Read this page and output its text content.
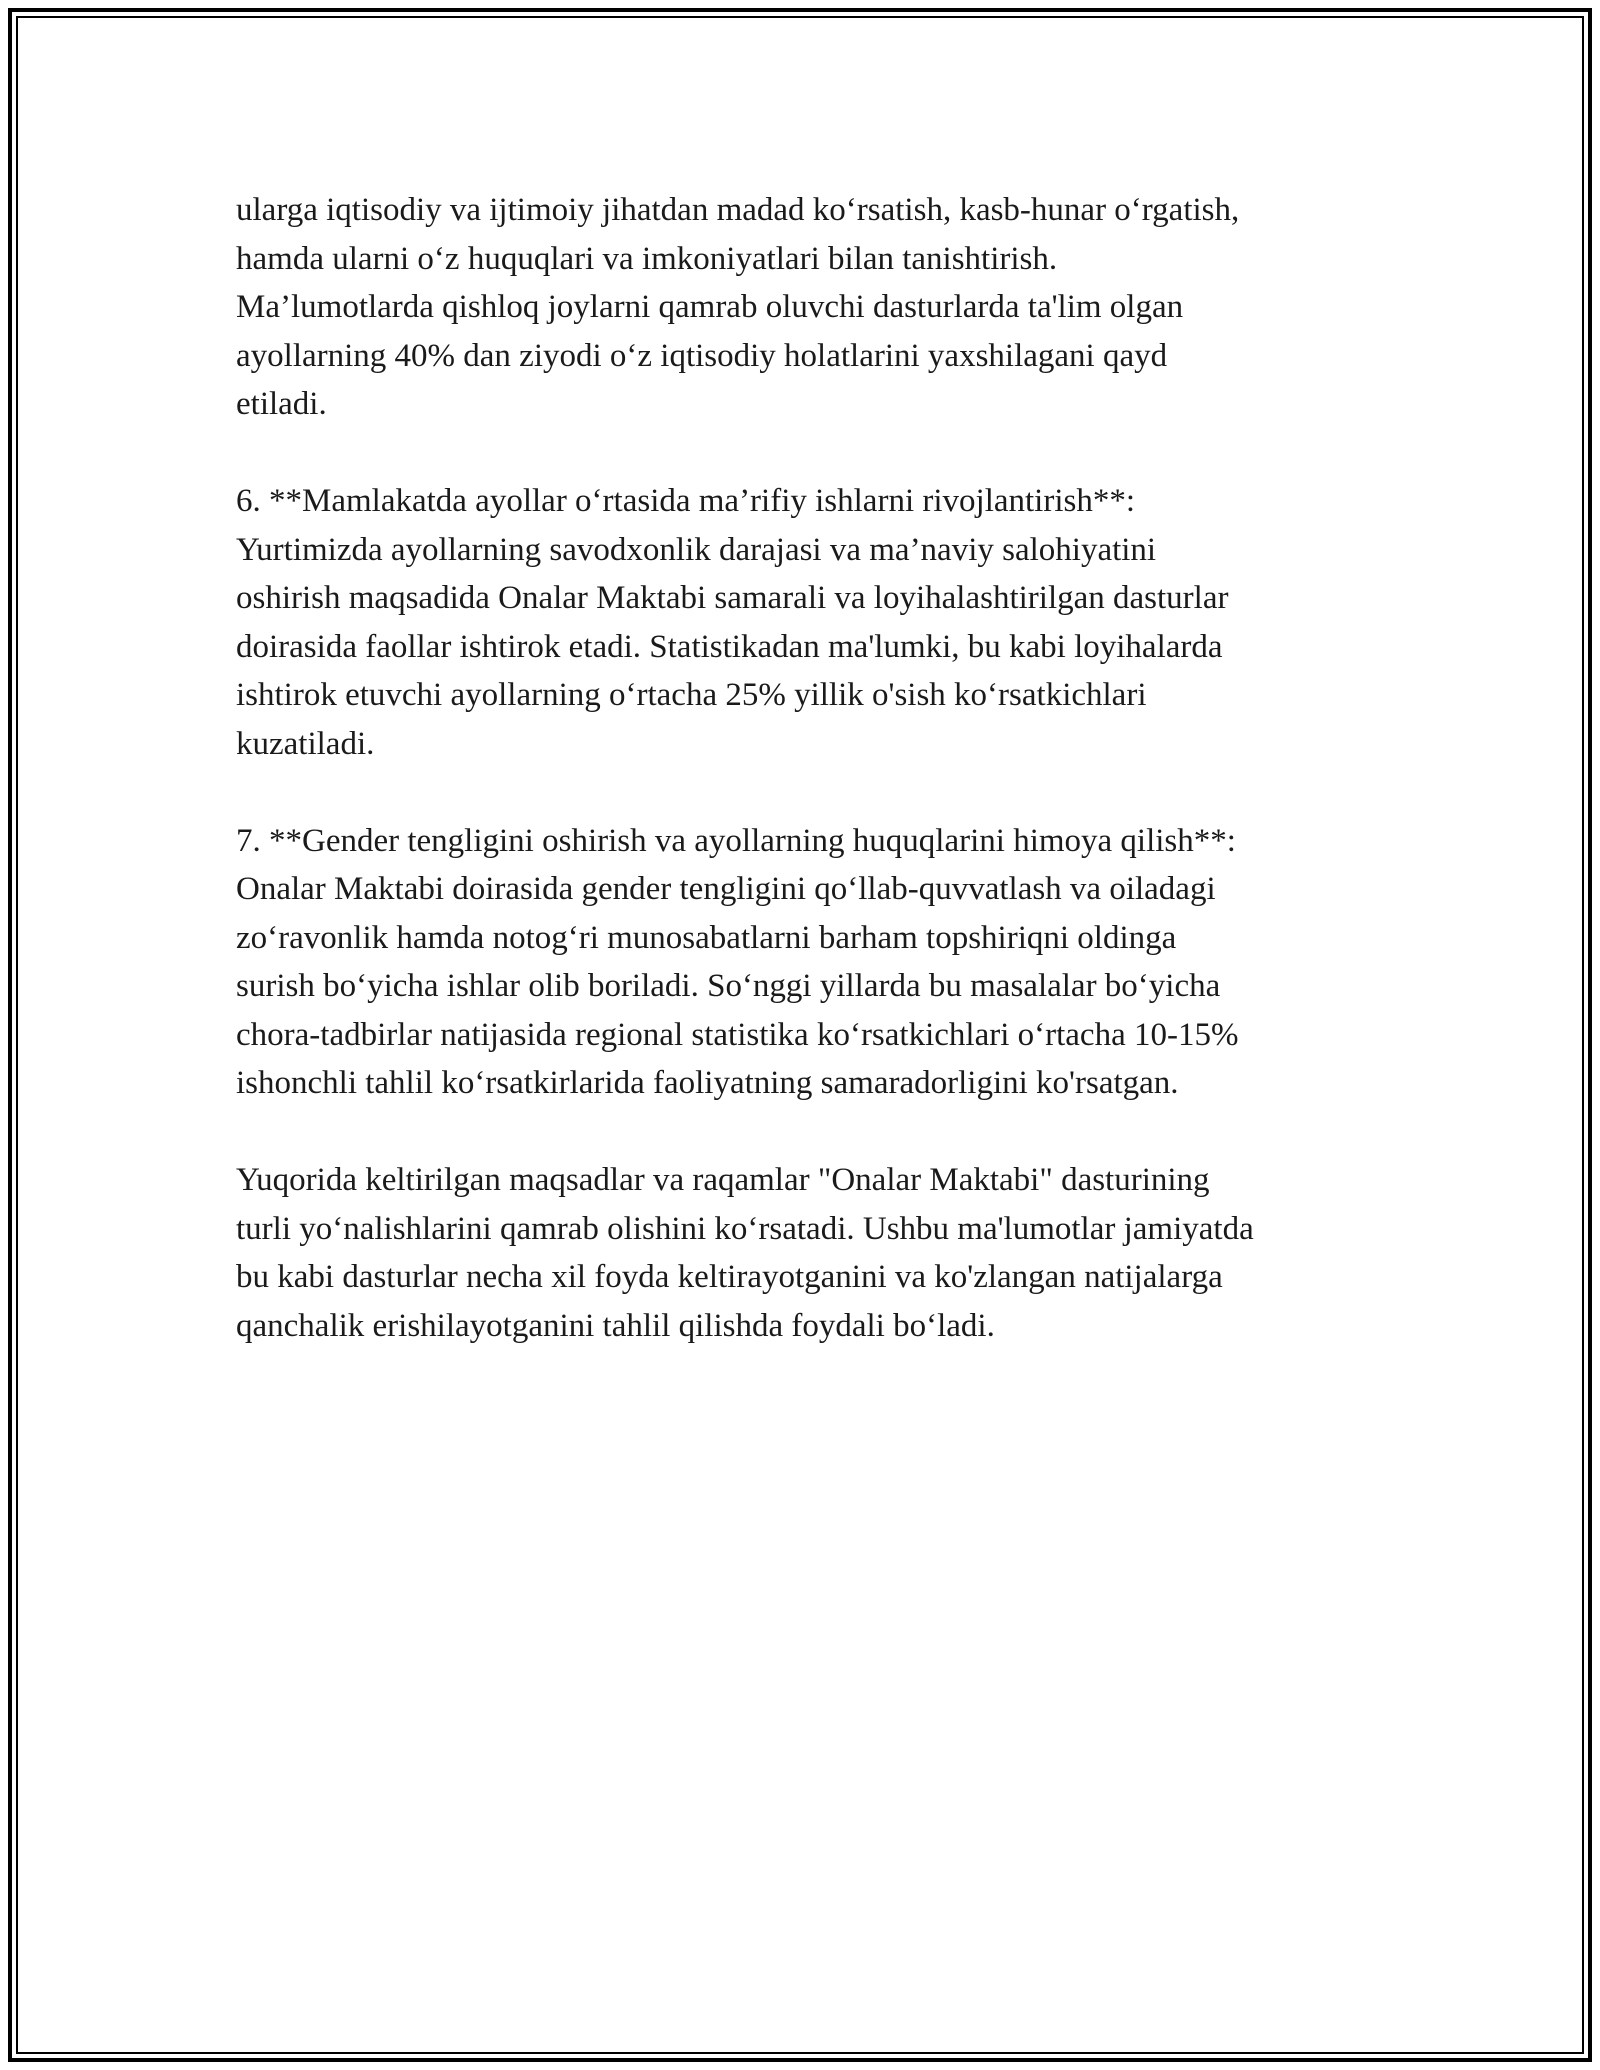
ularga iqtisodiy va ijtimoiy jihatdan madad koʻrsatish, kasb-hunar oʻrgatish,
hamda ularni oʻz huquqlari va imkoniyatlari bilan tanishtirish.
Ma’lumotlarda qishloq joylarni qamrab oluvchi dasturlarda ta'lim olgan
ayollarning 40% dan ziyodi oʻz iqtisodiy holatlarini yaxshilagani qayd
etiladi.
6. **Mamlakatda ayollar oʻrtasida ma’rifiy ishlarni rivojlantirish**:
Yurtimizda ayollarning savodxonlik darajasi va ma’naviy salohiyatini
oshirish maqsadida Onalar Maktabi samarali va loyihalashtirilgan dasturlar
doirasida faollar ishtirok etadi. Statistikadan ma'lumki, bu kabi loyihalarda
ishtirok etuvchi ayollarning oʻrtacha 25% yillik o'sish koʻrsatkichlari
kuzatiladi.
7. **Gender tengligini oshirish va ayollarning huquqlarini himoya qilish**:
Onalar Maktabi doirasida gender tengligini qoʻllab-quvvatlash va oiladagi
zoʻravonlik hamda notogʻri munosabatlarni barham topshiriqni oldinga
surish boʻyicha ishlar olib boriladi. Soʻnggi yillarda bu masalalar boʻyicha
chora-tadbirlar natijasida regional statistika koʻrsatkichlari oʻrtacha 10-15%
ishonchli tahlil koʻrsatkirlarida faoliyatning samaradorligini ko'rsatgan.
Yuqorida keltirilgan maqsadlar va raqamlar "Onalar Maktabi" dasturining
turli yoʻnalishlarini qamrab olishini koʻrsatadi. Ushbu ma'lumotlar jamiyatda
bu kabi dasturlar necha xil foyda keltirayotganini va ko'zlangan natijalarga
qanchalik erishilayotganini tahlil qilishda foydali boʻladi.
